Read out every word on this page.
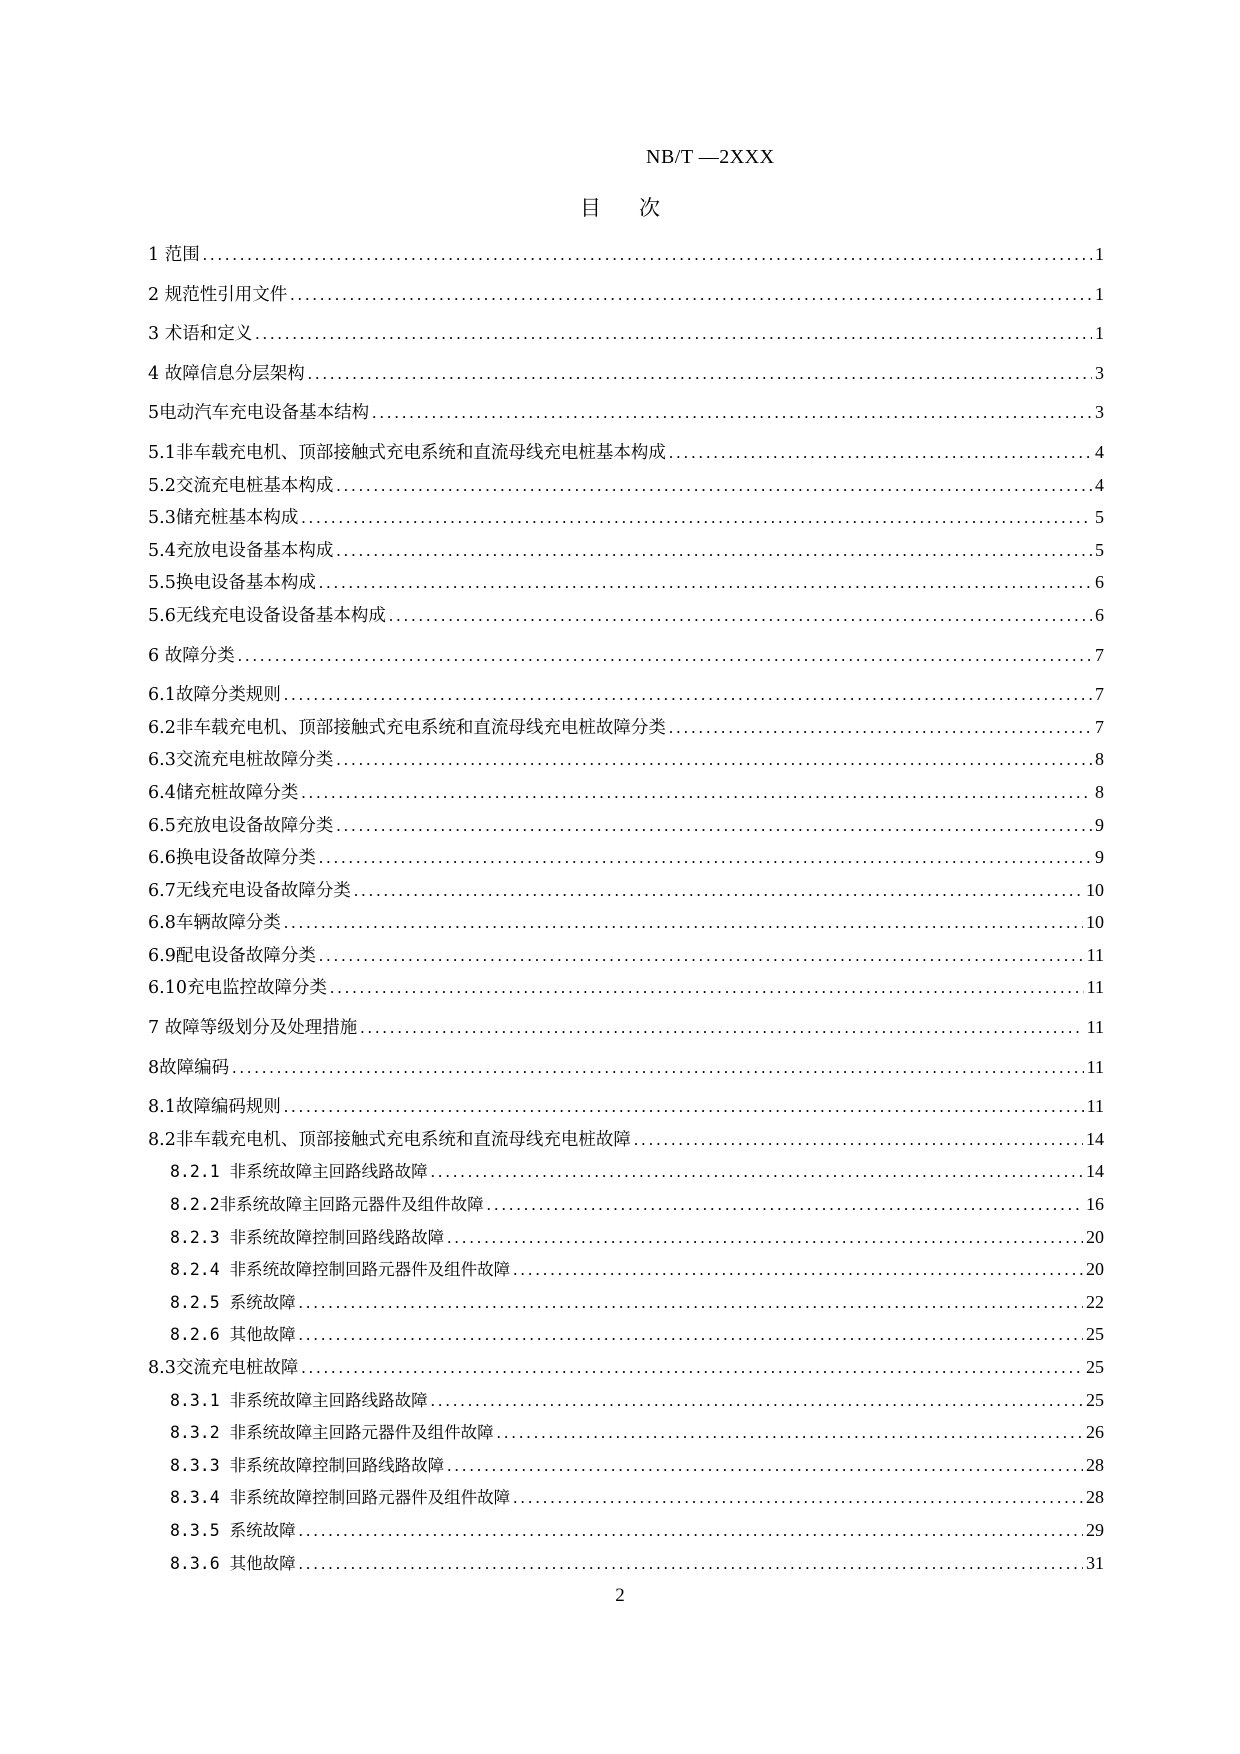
NB/T —2XXX
目次
1 范围 .....	1
2 规范性引用文件 .....	1
3 术语和定义 .....	1
4 故障信息分层架构 .....	3
5电动汽车充电设备基本结构 .....	3
5.1非车载充电机、顶部接触式充电系统和直流母线充电桩基本构成 .....	4
5.2交流充电桩基本构成 .....	4
5.3储充桩基本构成 .....	5
5.4充放电设备基本构成 .....	5
5.5换电设备基本构成 .....	6
5.6无线充电设备设备基本构成 .....	6
6 故障分类 .....	7
6.1故障分类规则 .....	7
6.2非车载充电机、顶部接触式充电系统和直流母线充电桩故障分类 .....	7
6.3交流充电桩故障分类 .....	8
6.4储充桩故障分类 .....	8
6.5充放电设备故障分类 .....	9
6.6换电设备故障分类 .....	9
6.7无线充电设备故障分类 .....	10
6.8车辆故障分类 .....	10
6.9配电设备故障分类 .....	11
6.10充电监控故障分类 .....	11
7 故障等级划分及处理措施 .....	11
8故障编码 .....	11
8.1故障编码规则 .....	11
8.2非车载充电机、顶部接触式充电系统和直流母线充电桩故障 .....	14
8.2.1 非系统故障主回路线路故障 .....	14
8.2.2非系统故障主回路元器件及组件故障 .....	16
8.2.3 非系统故障控制回路线路故障 .....	20
8.2.4 非系统故障控制回路元器件及组件故障 .....	20
8.2.5 系统故障 .....	22
8.2.6 其他故障 .....	25
8.3交流充电桩故障 .....	25
8.3.1 非系统故障主回路线路故障 .....	25
8.3.2 非系统故障主回路元器件及组件故障 .....	26
8.3.3 非系统故障控制回路线路故障 .....	28
8.3.4 非系统故障控制回路元器件及组件故障 .....	28
8.3.5 系统故障 .....	29
8.3.6 其他故障 .....	31
2
